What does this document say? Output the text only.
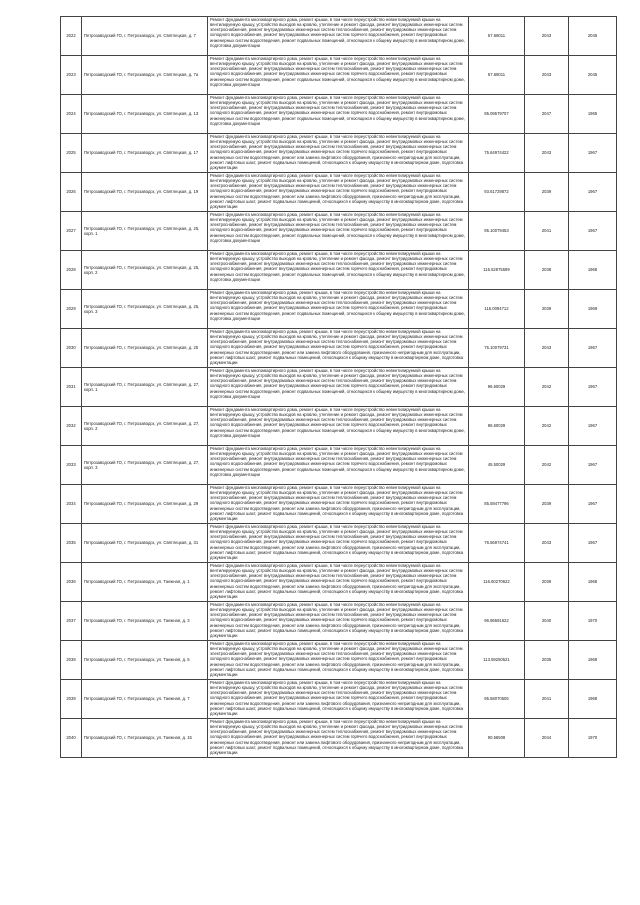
2022	Петрозаводский ГО, г. Петрозаводск, ул. Святлецкая, д. 7	Ремонт фундамента многоквартирного дома, ремонт крыши, в том числе переустройство невентилируемой крыши на вентилируемую крышу, устройство выходов на кровлю, утепление и ремонт фасада, ремонт внутридомовых инженерных систем электроснабжения, ремонт внутридомовых инженерных систем теплоснабжения, ремонт внутридомовых инженерных систем холодного водоснабжения, ремонт внутридомовых инженерных систем горячего водоснабжения, ремонт внутридомовых инженерных систем водоотведения, ремонт подвальных помещений, относящихся к общему имуществу в многоквартирном доме, подготовка документации	57.68011	2043	2045
2023	Петрозаводский ГО, г. Петрозаводск, ул. Святлецкая, д. 7а	Ремонт фундамента многоквартирного дома, ремонт крыши, в том числе переустройство невентилируемой крыши на вентилируемую крышу, устройство выходов на кровлю, утепление и ремонт фасада, ремонт внутридомовых инженерных систем электроснабжения, ремонт внутридомовых инженерных систем теплоснабжения, ремонт внутридомовых инженерных систем холодного водоснабжения, ремонт внутридомовых инженерных систем горячего водоснабжения, ремонт внутридомовых инженерных систем водоотведения, ремонт подвальных помещений, относящихся к общему имуществу в многоквартирном доме, подготовка документации	57.68011	2043	2045
2024	Петрозаводский ГО, г. Петрозаводск, ул. Святлецкая, д. 13	Ремонт фундамента многоквартирного дома, ремонт крыши, в том числе переустройство невентилируемой крыши на вентилируемую крышу, устройство выходов на кровлю, утепление и ремонт фасада, ремонт внутридомовых инженерных систем электроснабжения, ремонт внутридомовых инженерных систем теплоснабжения, ремонт внутридомовых инженерных систем холодного водоснабжения, ремонт внутридомовых инженерных систем горячего водоснабжения, ремонт внутридомовых инженерных систем водоотведения, ремонт подвальных помещений, относящихся к общему имуществу в многоквартирном доме, подготовка документации	95.09579707	2047	1965
2025	Петрозаводский ГО, г. Петрозаводск, ул. Святлецкая, д. 17	Ремонт фундамента многоквартирного дома, ремонт крыши, в том числе переустройство невентилируемой крыши на вентилируемую крышу, устройство выходов на кровлю, утепление и ремонт фасада, ремонт внутридомовых инженерных систем электроснабжения, ремонт внутридомовых инженерных систем теплоснабжения, ремонт внутридомовых инженерных систем холодного водоснабжения, ремонт внутридомовых инженерных систем горячего водоснабжения, ремонт внутридомовых инженерных систем водоотведения, ремонт или замена лифтового оборудования, признанного непригодным для эксплуатации, ремонт лифтовых шахт, ремонт подвальных помещений, относящихся к общему имуществу в многоквартирном доме, подготовка документации	75.64974422	2043	1967
2026	Петрозаводский ГО, г. Петрозаводск, ул. Святлецкая, д. 19	Ремонт фундамента многоквартирного дома, ремонт крыши, в том числе переустройство невентилируемой крыши на вентилируемую крышу, устройство выходов на кровлю, утепление и ремонт фасада, ремонт внутридомовых инженерных систем электроснабжения, ремонт внутридомовых инженерных систем теплоснабжения, ремонт внутридомовых инженерных систем холодного водоснабжения, ремонт внутридомовых инженерных систем горячего водоснабжения, ремонт внутридомовых инженерных систем водоотведения, ремонт или замена лифтового оборудования, признанного непригодным для эксплуатации, ремонт лифтовых шахт, ремонт подвальных помещений, относящихся к общему имуществу в многоквартирном доме, подготовка документации	93.61729872	2039	1967
2027	Петрозаводский ГО, г. Петрозаводск, ул. Святлецкая, д. 25, корп. 1	Ремонт фундамента многоквартирного дома, ремонт крыши, в том числе переустройство невентилируемой крыши на вентилируемую крышу, устройство выходов на кровлю, утепление и ремонт фасада, ремонт внутридомовых инженерных систем электроснабжения, ремонт внутридомовых инженерных систем теплоснабжения, ремонт внутридомовых инженерных систем холодного водоснабжения, ремонт внутридомовых инженерных систем горячего водоснабжения, ремонт внутридомовых инженерных систем водоотведения, ремонт подвальных помещений, относящихся к общему имуществу в многоквартирном доме, подготовка документации	95.10079453	2041	1967
2028	Петрозаводский ГО, г. Петрозаводск, ул. Святлецкая, д. 25, корп. 2	Ремонт фундамента многоквартирного дома, ремонт крыши, в том числе переустройство невентилируемой крыши на вентилируемую крышу, устройство выходов на кровлю, утепление и ремонт фасада, ремонт внутридомовых инженерных систем электроснабжения, ремонт внутридомовых инженерных систем теплоснабжения, ремонт внутридомовых инженерных систем холодного водоснабжения, ремонт внутридомовых инженерных систем горячего водоснабжения, ремонт внутридомовых инженерных систем водоотведения, ремонт подвальных помещений, относящихся к общему имуществу в многоквартирном доме, подготовка документации	115.52875599	2038	1968
2029	Петрозаводский ГО, г. Петрозаводск, ул. Святлецкая, д. 25, корп. 3	Ремонт фундамента многоквартирного дома, ремонт крыши, в том числе переустройство невентилируемой крыши на вентилируемую крышу, устройство выходов на кровлю, утепление и ремонт фасада, ремонт внутридомовых инженерных систем электроснабжения, ремонт внутридомовых инженерных систем теплоснабжения, ремонт внутридомовых инженерных систем холодного водоснабжения, ремонт внутридомовых инженерных систем горячего водоснабжения, ремонт внутридомовых инженерных систем водоотведения, ремонт подвальных помещений, относящихся к общему имуществу в многоквартирном доме, подготовка документации	116.0094712	2039	1969
2030	Петрозаводский ГО, г. Петрозаводск, ул. Святлецкая, д. 25	Ремонт фундамента многоквартирного дома, ремонт крыши, в том числе переустройство невентилируемой крыши на вентилируемую крышу, устройство выходов на кровлю, утепление и ремонт фасада, ремонт внутридомовых инженерных систем электроснабжения, ремонт внутридомовых инженерных систем теплоснабжения, ремонт внутридомовых инженерных систем холодного водоснабжения, ремонт внутридомовых инженерных систем горячего водоснабжения, ремонт внутридомовых инженерных систем водоотведения, ремонт или замена лифтового оборудования, признанного непригодным для эксплуатации, ремонт лифтовых шахт, ремонт подвальных помещений, относящихся к общему имуществу в многоквартирном доме, подготовка документации	75.10079731	2043	1967
2031	Петрозаводский ГО, г. Петрозаводск, ул. Святлецкая, д. 27, корп. 1	Ремонт фундамента многоквартирного дома, ремонт крыши, в том числе переустройство невентилируемой крыши на вентилируемую крышу, устройство выходов на кровлю, утепление и ремонт фасада, ремонт внутридомовых инженерных систем электроснабжения, ремонт внутридомовых инженерных систем теплоснабжения, ремонт внутридомовых инженерных систем холодного водоснабжения, ремонт внутридомовых инженерных систем горячего водоснабжения, ремонт внутридомовых инженерных систем водоотведения, ремонт подвальных помещений, относящихся к общему имуществу в многоквартирном доме, подготовка документации	96.60029	2042	1967
2032	Петрозаводский ГО, г. Петрозаводск, ул. Святлецкая, д. 27, корп. 2	Ремонт фундамента многоквартирного дома, ремонт крыши, в том числе переустройство невентилируемой крыши на вентилируемую крышу, устройство выходов на кровлю, утепление и ремонт фасада, ремонт внутридомовых инженерных систем электроснабжения, ремонт внутридомовых инженерных систем теплоснабжения, ремонт внутридомовых инженерных систем холодного водоснабжения, ремонт внутридомовых инженерных систем горячего водоснабжения, ремонт внутридомовых инженерных систем водоотведения, ремонт подвальных помещений, относящихся к общему имуществу в многоквартирном доме, подготовка документации	96.60029	2042	1967
2033	Петрозаводский ГО, г. Петрозаводск, ул. Святлецкая, д. 27, корп. 3	Ремонт фундамента многоквартирного дома, ремонт крыши, в том числе переустройство невентилируемой крыши на вентилируемую крышу, устройство выходов на кровлю, утепление и ремонт фасада, ремонт внутридомовых инженерных систем электроснабжения, ремонт внутридомовых инженерных систем теплоснабжения, ремонт внутридомовых инженерных систем холодного водоснабжения, ремонт внутридомовых инженерных систем горячего водоснабжения, ремонт внутридомовых инженерных систем водоотведения, ремонт подвальных помещений, относящихся к общему имуществу в многоквартирном доме, подготовка документации	45.50029	2042	1967
2034	Петрозаводский ГО, г. Петрозаводск, ул. Святлецкая, д. 29	Ремонт фундамента многоквартирного дома, ремонт крыши, в том числе переустройство невентилируемой крыши на вентилируемую крышу, устройство выходов на кровлю, утепление и ремонт фасада, ремонт внутридомовых инженерных систем электроснабжения, ремонт внутридомовых инженерных систем теплоснабжения, ремонт внутридомовых инженерных систем холодного водоснабжения, ремонт внутридомовых инженерных систем горячего водоснабжения, ремонт внутридомовых инженерных систем водоотведения, ремонт или замена лифтового оборудования, признанного непригодным для эксплуатации, ремонт лифтовых шахт, ремонт подвальных помещений, относящихся к общему имуществу в многоквартирном доме, подготовка документации	85.59477796	2039	1967
2035	Петрозаводский ГО, г. Петрозаводск, ул. Святлецкая, д. 31	Ремонт фундамента многоквартирного дома, ремонт крыши, в том числе переустройство невентилируемой крыши на вентилируемую крышу, устройство выходов на кровлю, утепление и ремонт фасада, ремонт внутридомовых инженерных систем электроснабжения, ремонт внутридомовых инженерных систем теплоснабжения, ремонт внутридомовых инженерных систем холодного водоснабжения, ремонт внутридомовых инженерных систем горячего водоснабжения, ремонт внутридомовых инженерных систем водоотведения, ремонт или замена лифтового оборудования, признанного непригодным для эксплуатации, ремонт лифтовых шахт, ремонт подвальных помещений, относящихся к общему имуществу в многоквартирном доме, подготовка документации	76.56974741	2043	1967
2036	Петрозаводский ГО, г. Петрозаводск, ул. Таежная, д. 1	Ремонт фундамента многоквартирного дома, ремонт крыши, в том числе переустройство невентилируемой крыши на вентилируемую крышу, устройство выходов на кровлю, утепление и ремонт фасада, ремонт внутридомовых инженерных систем электроснабжения, ремонт внутридомовых инженерных систем теплоснабжения, ремонт внутридомовых инженерных систем холодного водоснабжения, ремонт внутридомовых инженерных систем горячего водоснабжения, ремонт внутридомовых инженерных систем водоотведения, ремонт или замена лифтового оборудования, признанного непригодным для эксплуатации, ремонт лифтовых шахт, ремонт подвальных помещений, относящихся к общему имуществу в многоквартирном доме, подготовка документации	116.60270622	2039	1968
2037	Петрозаводский ГО, г. Петрозаводск, ул. Таежная, д. 3	Ремонт фундамента многоквартирного дома, ремонт крыши, в том числе переустройство невентилируемой крыши на вентилируемую крышу, устройство выходов на кровлю, утепление и ремонт фасада, ремонт внутридомовых инженерных систем электроснабжения, ремонт внутридомовых инженерных систем теплоснабжения, ремонт внутридомовых инженерных систем холодного водоснабжения, ремонт внутридомовых инженерных систем горячего водоснабжения, ремонт внутридомовых инженерных систем водоотведения, ремонт или замена лифтового оборудования, признанного непригодным для эксплуатации, ремонт лифтовых шахт, ремонт подвальных помещений, относящихся к общему имуществу в многоквартирном доме, подготовка документации	96.96591622	2040	1970
2038	Петрозаводский ГО, г. Петрозаводск, ул. Таежная, д. 5	Ремонт фундамента многоквартирного дома, ремонт крыши, в том числе переустройство невентилируемой крыши на вентилируемую крышу, устройство выходов на кровлю, утепление и ремонт фасада, ремонт внутридомовых инженерных систем электроснабжения, ремонт внутридомовых инженерных систем теплоснабжения, ремонт внутридомовых инженерных систем холодного водоснабжения, ремонт внутридомовых инженерных систем горячего водоснабжения, ремонт внутридомовых инженерных систем водоотведения, ремонт или замена лифтового оборудования, признанного непригодным для эксплуатации, ремонт лифтовых шахт, ремонт подвальных помещений, относящихся к общему имуществу в многоквартирном доме, подготовка документации	113.59250521	2035	1968
2039	Петрозаводский ГО, г. Петрозаводск, ул. Таежная, д. 7	Ремонт фундамента многоквартирного дома, ремонт крыши, в том числе переустройство невентилируемой крыши на вентилируемую крышу, устройство выходов на кровлю, утепление и ремонт фасада, ремонт внутридомовых инженерных систем электроснабжения, ремонт внутридомовых инженерных систем теплоснабжения, ремонт внутридомовых инженерных систем холодного водоснабжения, ремонт внутридомовых инженерных систем горячего водоснабжения, ремонт внутридомовых инженерных систем водоотведения, ремонт или замена лифтового оборудования, признанного непригодным для эксплуатации, ремонт лифтовых шахт, ремонт подвальных помещений, относящихся к общему имуществу в многоквартирном доме, подготовка документации	95.58070505	2041	1968
2040	Петрозаводский ГО, г. Петрозаводск, ул. Таежная, д. 15	Ремонт фундамента многоквартирного дома, ремонт крыши, в том числе переустройство невентилируемой крыши на вентилируемую крышу, устройство выходов на кровлю, утепление и ремонт фасада, ремонт внутридомовых инженерных систем электроснабжения, ремонт внутридомовых инженерных систем теплоснабжения, ремонт внутридомовых инженерных систем холодного водоснабжения, ремонт внутридомовых инженерных систем горячего водоснабжения, ремонт внутридомовых инженерных систем водоотведения, ремонт или замена лифтового оборудования, признанного непригодным для эксплуатации, ремонт лифтовых шахт, ремонт подвальных помещений, относящихся к общему имуществу в многоквартирном доме, подготовка документации	90.56508	2044	1970
